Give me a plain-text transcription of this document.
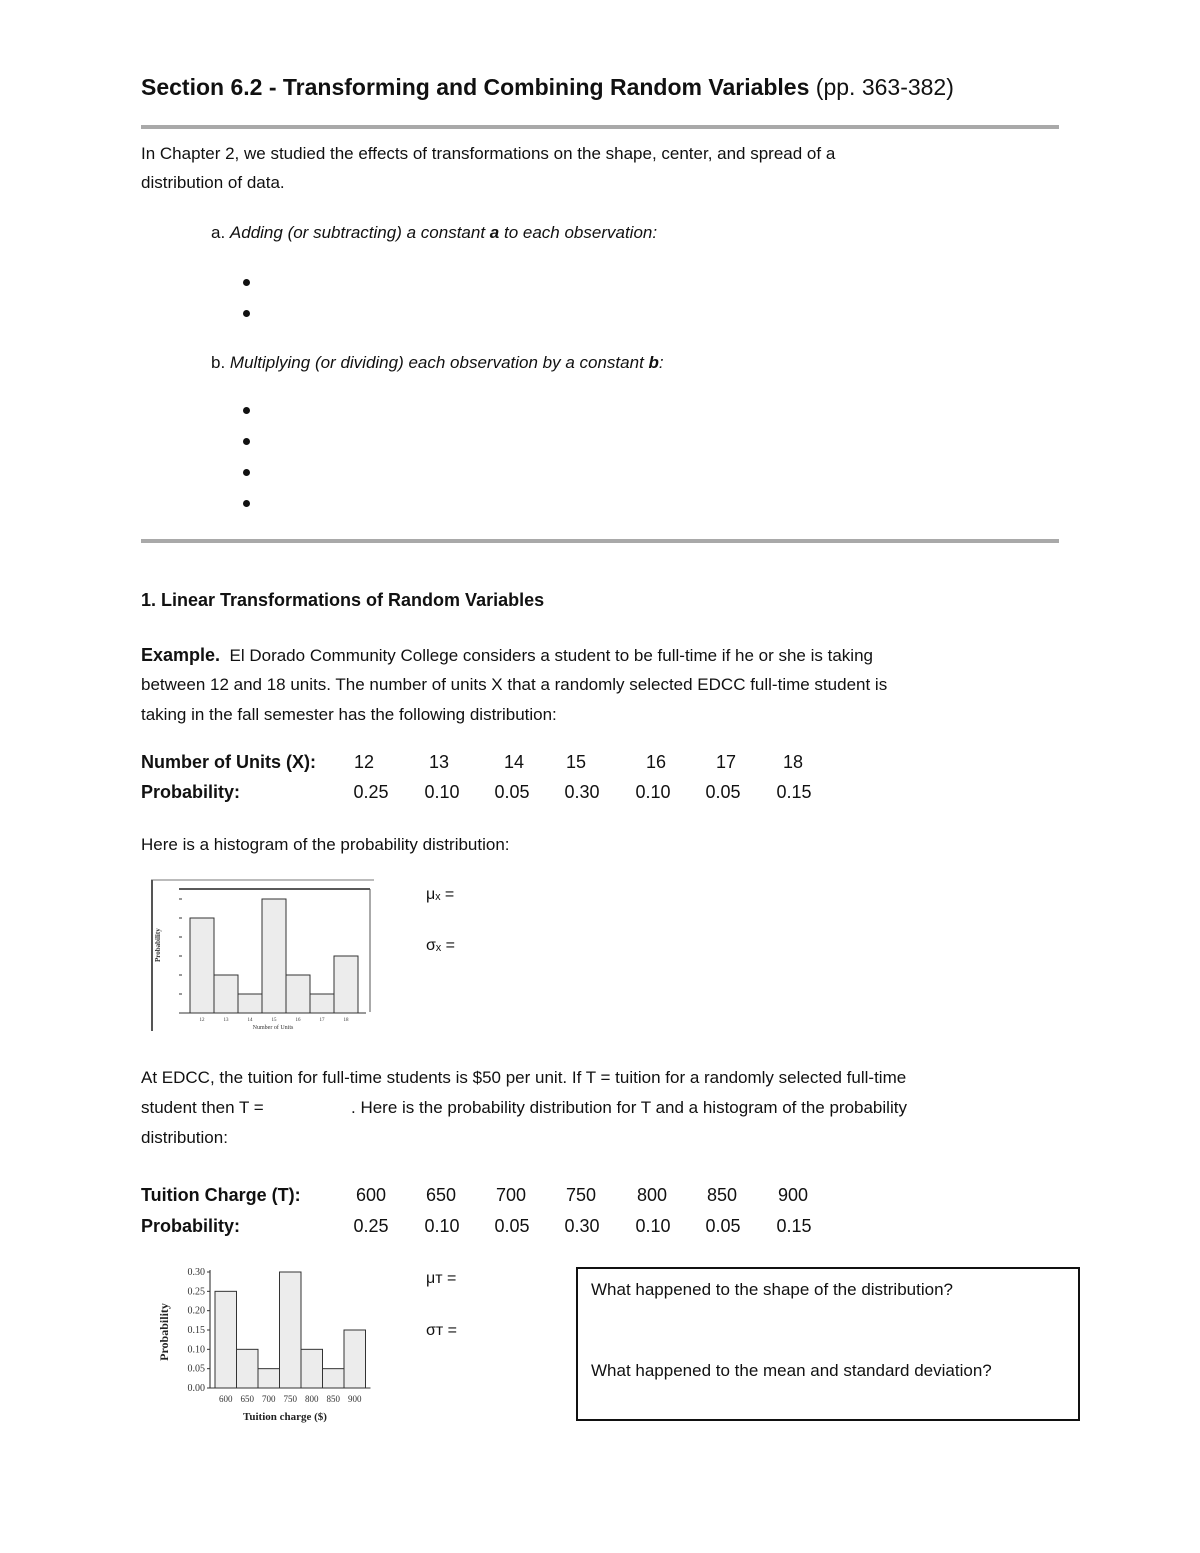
Section 6.2 - Transforming and Combining Random Variables (pp. 363-382)
In Chapter 2, we studied the effects of transformations on the shape, center, and spread of a
distribution of data.
a. Adding (or subtracting) a constant a to each observation:
b. Multiplying (or dividing) each observation by a constant b:
1. Linear Transformations of Random Variables
Example. El Dorado Community College considers a student to be full-time if he or she is taking
between 12 and 18 units. The number of units X that a randomly selected EDCC full-time student is
taking in the fall semester has the following distribution:
Number of Units (X):	12	13	14	15	16	17	18
Probability:	0.25	0.10	0.05	0.30	0.10	0.05	0.15
Here is a histogram of the probability distribution:
Probability
12	13	14	15	16	17	18
Number of Units
μₓ =
σₓ =
At EDCC, the tuition for full-time students is $50 per unit. If T = tuition for a randomly selected full-time
student then T =	. Here is the probability distribution for T and a histogram of the probability
distribution:
Tuition Charge (T):	600	650	700	750	800	850	900
Probability:	0.25	0.10	0.05	0.30	0.10	0.05	0.15
Probability
0.00
0.05
0.10
0.15
0.20
0.25
0.30
600 650 700 750 800 850 900
Tuition charge ($)
μᴛ =
σᴛ =
What happened to the shape of the distribution?
What happened to the mean and standard deviation?
